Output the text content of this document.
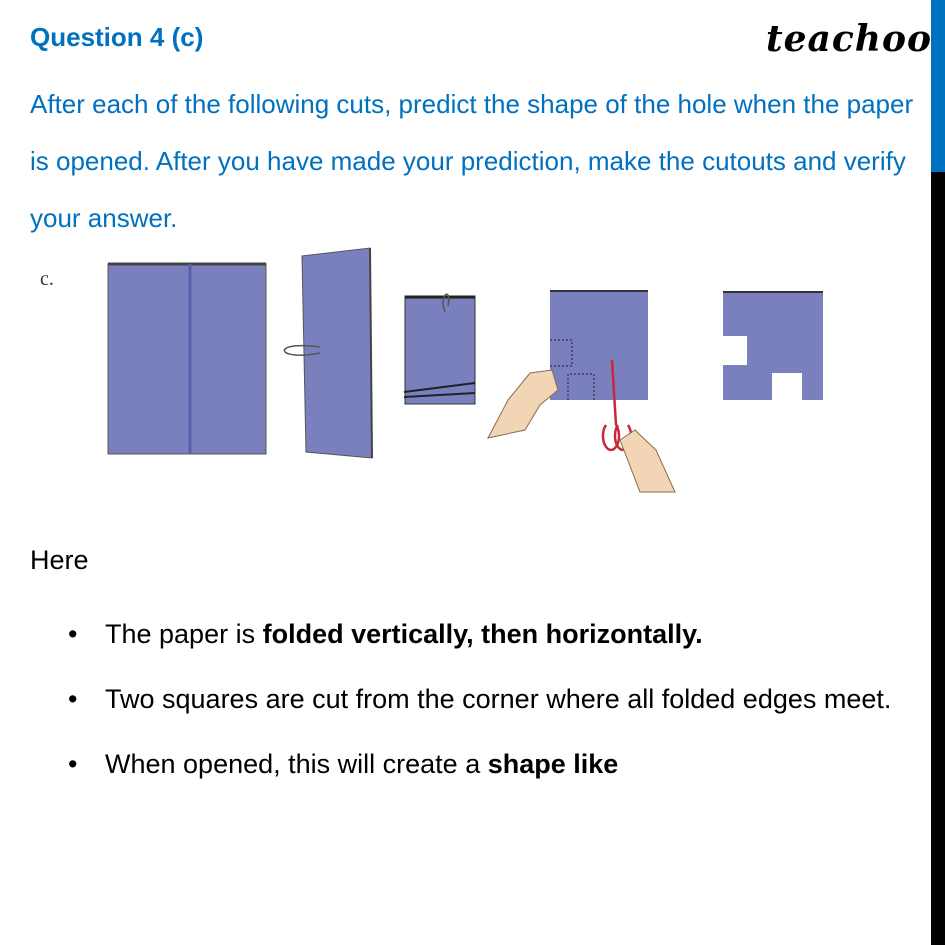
Question 4 (c)	teachoo
After each of the following cuts, predict the shape of the hole when the paper is opened. After you have made your prediction, make the cutouts and verify your answer.
c.
Here
• The paper is folded vertically, then horizontally.
• Two squares are cut from the corner where all folded edges meet.
• When opened, this will create a shape like
